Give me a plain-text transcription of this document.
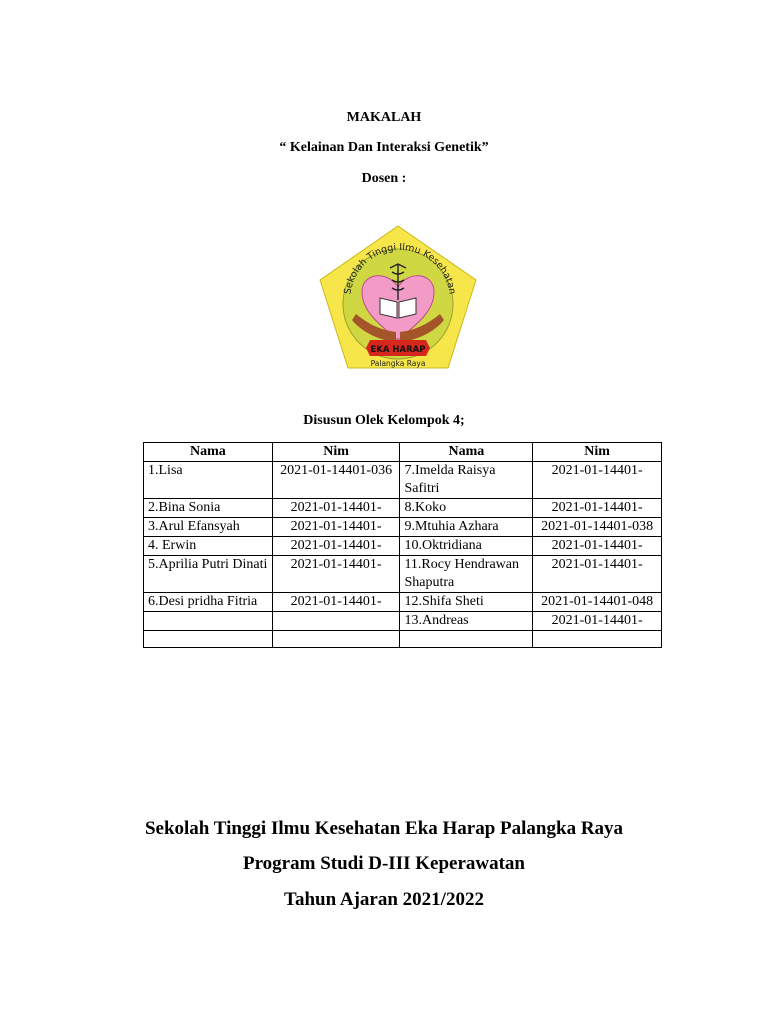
MAKALAH
“ Kelainan Dan Interaksi Genetik”
Dosen :
Sekolah Tinggi Ilmu Kesehatan
EKA HARAP
Palangka Raya
Disusun Olek Kelompok 4;
Nama	Nim	Nama	Nim
1.Lisa	2021-01-14401-036	7.Imelda Raisya Safitri	2021-01-14401-
2.Bina Sonia	2021-01-14401-	8.Koko	2021-01-14401-
3.Arul Efansyah	2021-01-14401-	9.Mtuhia Azhara	2021-01-14401-038
4. Erwin	2021-01-14401-	10.Oktridiana	2021-01-14401-
5.Aprilia Putri Dinati	2021-01-14401-	11.Rocy Hendrawan Shaputra	2021-01-14401-
6.Desi pridha Fitria	2021-01-14401-	12.Shifa Sheti	2021-01-14401-048
		13.Andreas	2021-01-14401-

Sekolah Tinggi Ilmu Kesehatan Eka Harap Palangka Raya
Program Studi D-III Keperawatan
Tahun Ajaran 2021/2022
